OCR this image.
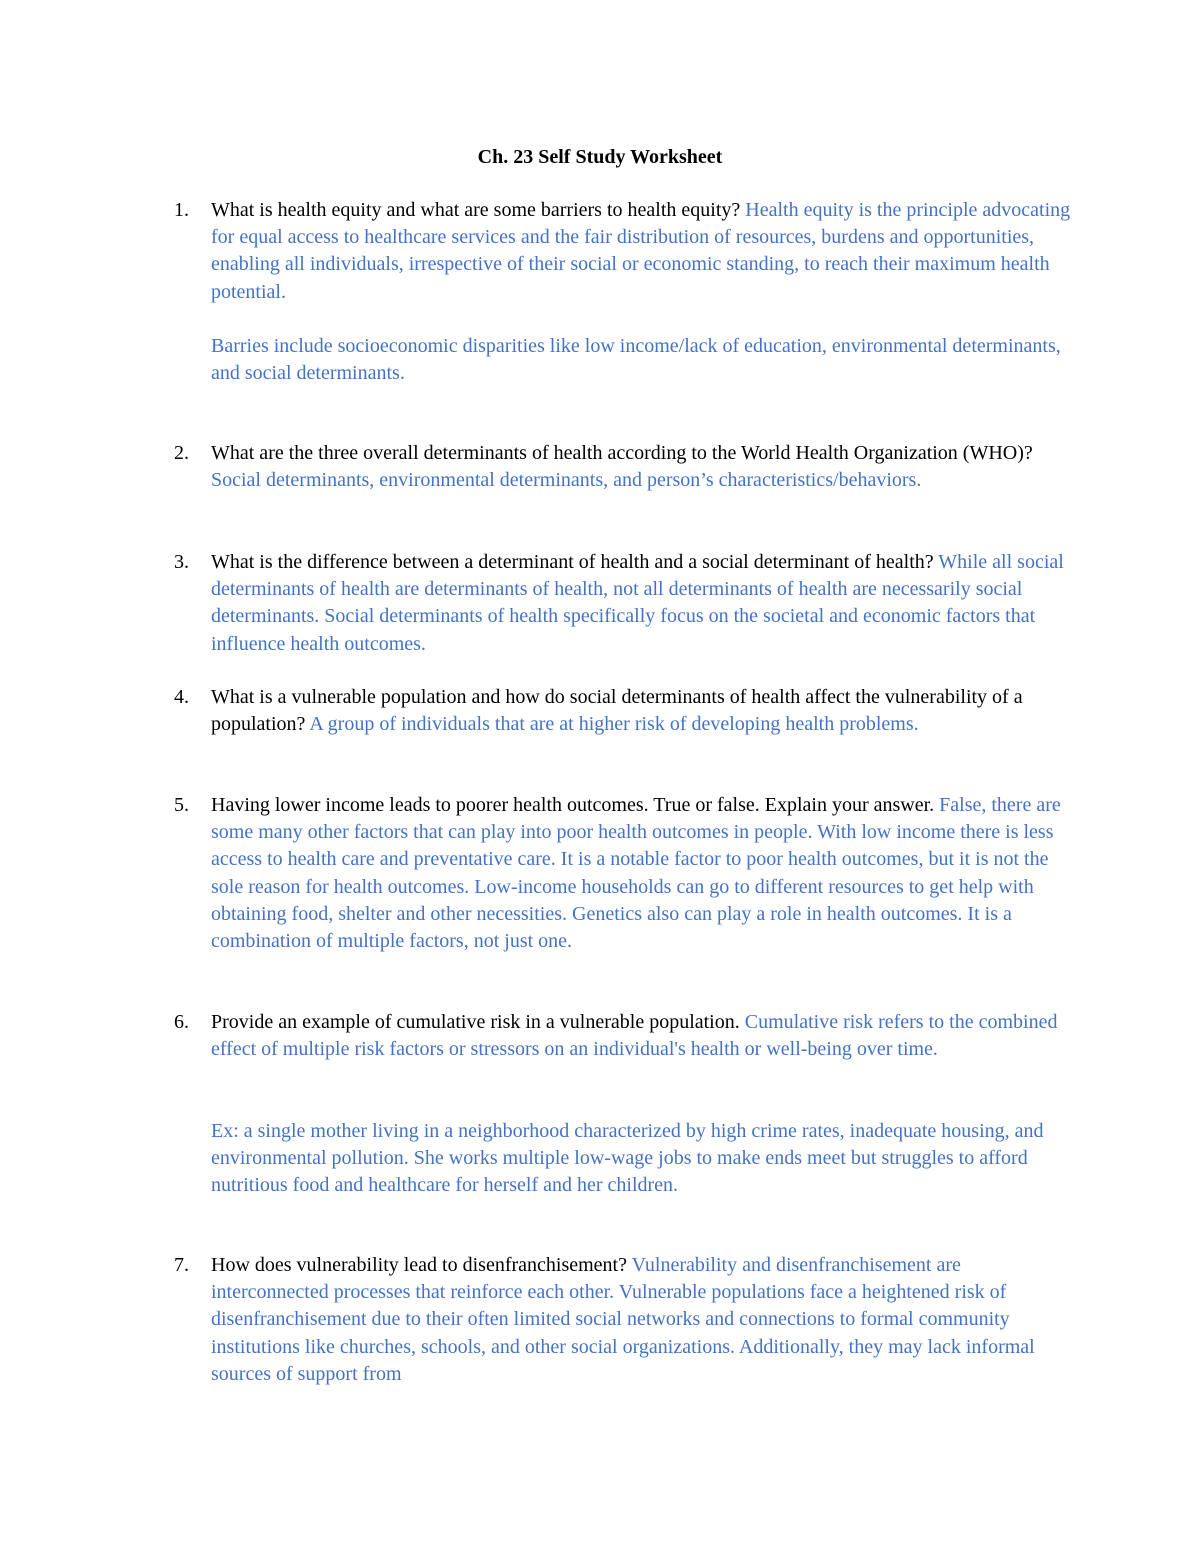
Ch. 23 Self Study Worksheet
1.	What is health equity and what are some barriers to health equity? Health equity is the principle advocating for equal access to healthcare services and the fair distribution of resources, burdens and opportunities, enabling all individuals, irrespective of their social or economic standing, to reach their maximum health potential.
Barries include socioeconomic disparities like low income/lack of education, environmental determinants, and social determinants.
2.	What are the three overall determinants of health according to the World Health Organization (WHO)? Social determinants, environmental determinants, and person’s characteristics/behaviors.
3.	What is the difference between a determinant of health and a social determinant of health? While all social determinants of health are determinants of health, not all determinants of health are necessarily social determinants. Social determinants of health specifically focus on the societal and economic factors that influence health outcomes.
4.	What is a vulnerable population and how do social determinants of health affect the vulnerability of a population? A group of individuals that are at higher risk of developing health problems.
5.	Having lower income leads to poorer health outcomes. True or false. Explain your answer. False, there are some many other factors that can play into poor health outcomes in people. With low income there is less access to health care and preventative care. It is a notable factor to poor health outcomes, but it is not the sole reason for health outcomes. Low-income households can go to different resources to get help with obtaining food, shelter and other necessities. Genetics also can play a role in health outcomes. It is a combination of multiple factors, not just one.
6.	Provide an example of cumulative risk in a vulnerable population. Cumulative risk refers to the combined effect of multiple risk factors or stressors on an individual's health or well-being over time.
Ex: a single mother living in a neighborhood characterized by high crime rates, inadequate housing, and environmental pollution. She works multiple low-wage jobs to make ends meet but struggles to afford nutritious food and healthcare for herself and her children.
7.	How does vulnerability lead to disenfranchisement? Vulnerability and disenfranchisement are interconnected processes that reinforce each other. Vulnerable populations face a heightened risk of disenfranchisement due to their often limited social networks and connections to formal community institutions like churches, schools, and other social organizations. Additionally, they may lack informal sources of support from
